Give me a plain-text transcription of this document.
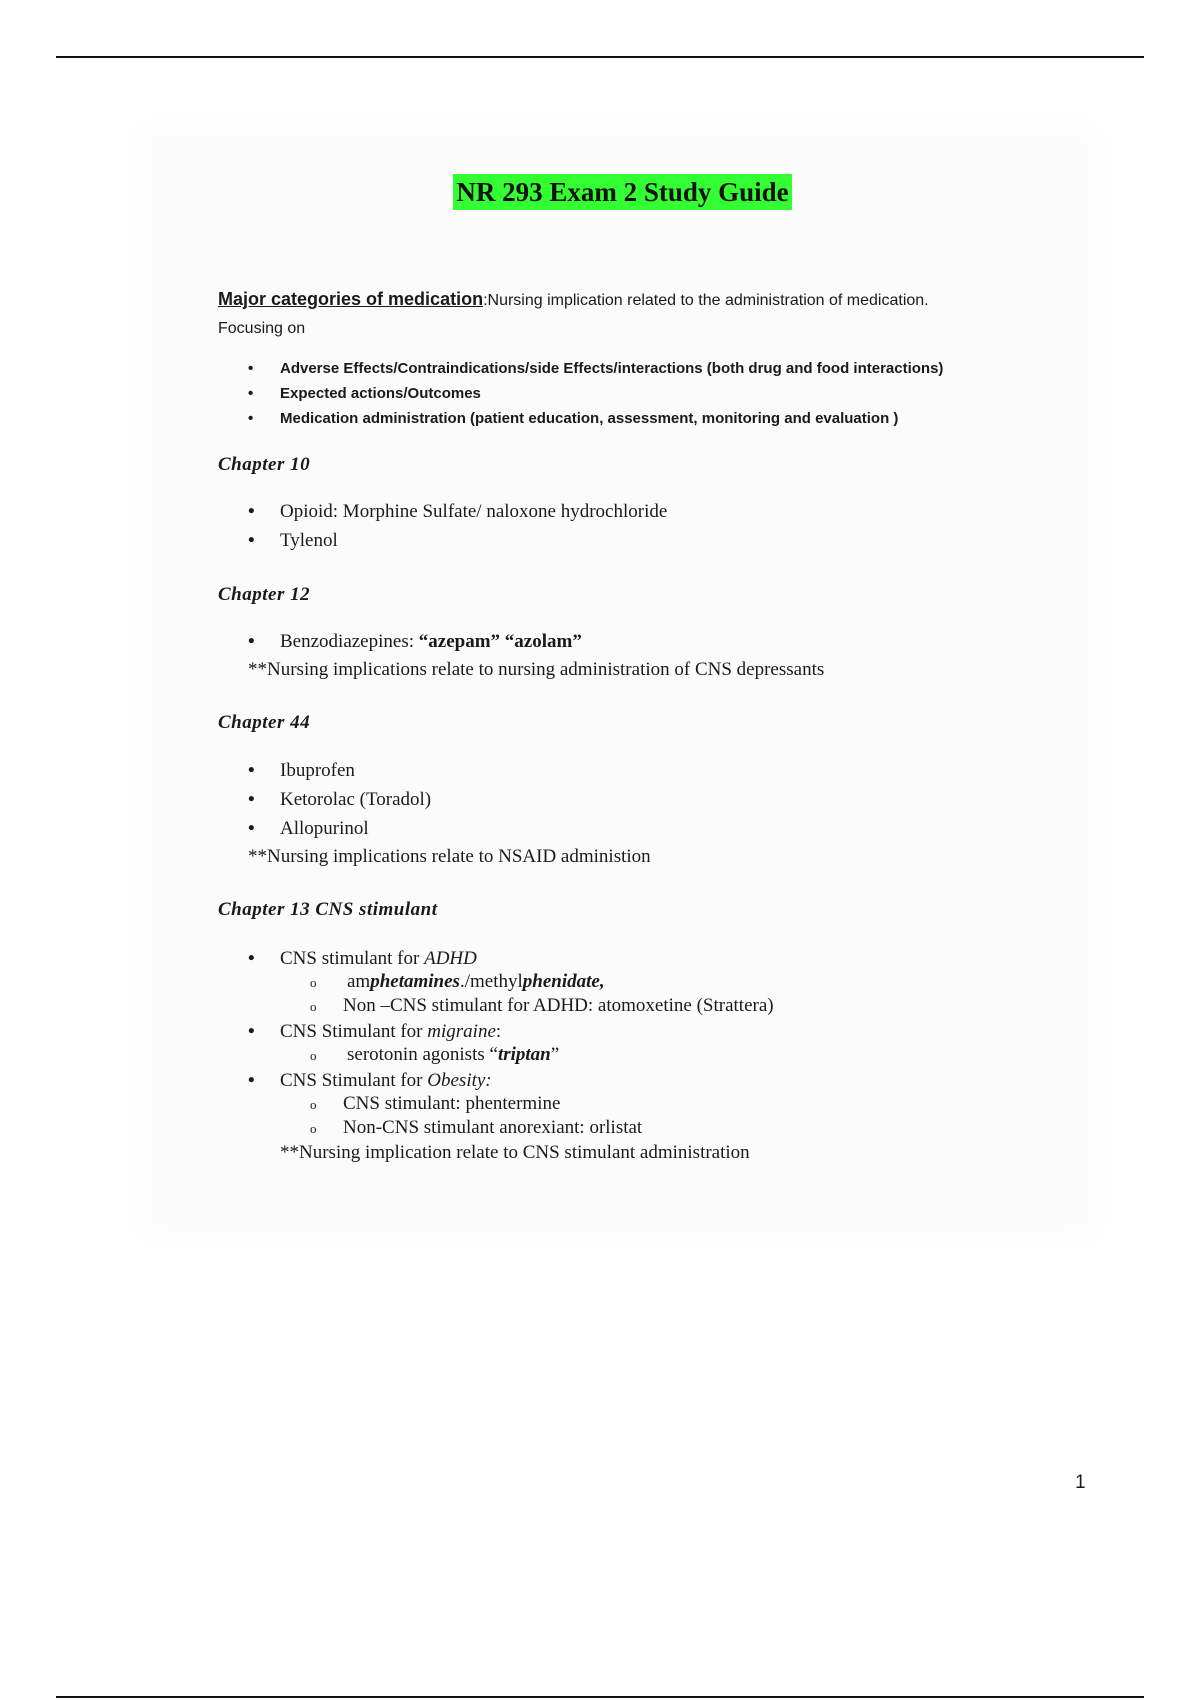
NR 293 Exam 2 Study Guide
Major categories of medication:Nursing implication related to the administration of medication.
Focusing on
• Adverse Effects/Contraindications/side Effects/interactions (both drug and food interactions)
• Expected actions/Outcomes
• Medication administration (patient education, assessment, monitoring and evaluation )
Chapter 10
• Opioid: Morphine Sulfate/ naloxone hydrochloride
• Tylenol
Chapter 12
• Benzodiazepines: “azepam” “azolam”
**Nursing implications relate to nursing administration of CNS depressants
Chapter 44
• Ibuprofen
• Ketorolac (Toradol)
• Allopurinol
**Nursing implications relate to NSAID administion
Chapter 13 CNS stimulant
• CNS stimulant for ADHD
o amphetamines./methylphenidate,
o Non –CNS stimulant for ADHD: atomoxetine (Strattera)
• CNS Stimulant for migraine:
o serotonin agonists “triptan”
• CNS Stimulant for Obesity:
o CNS stimulant: phentermine
o Non-CNS stimulant anorexiant: orlistat
**Nursing implication relate to CNS stimulant administration
1
